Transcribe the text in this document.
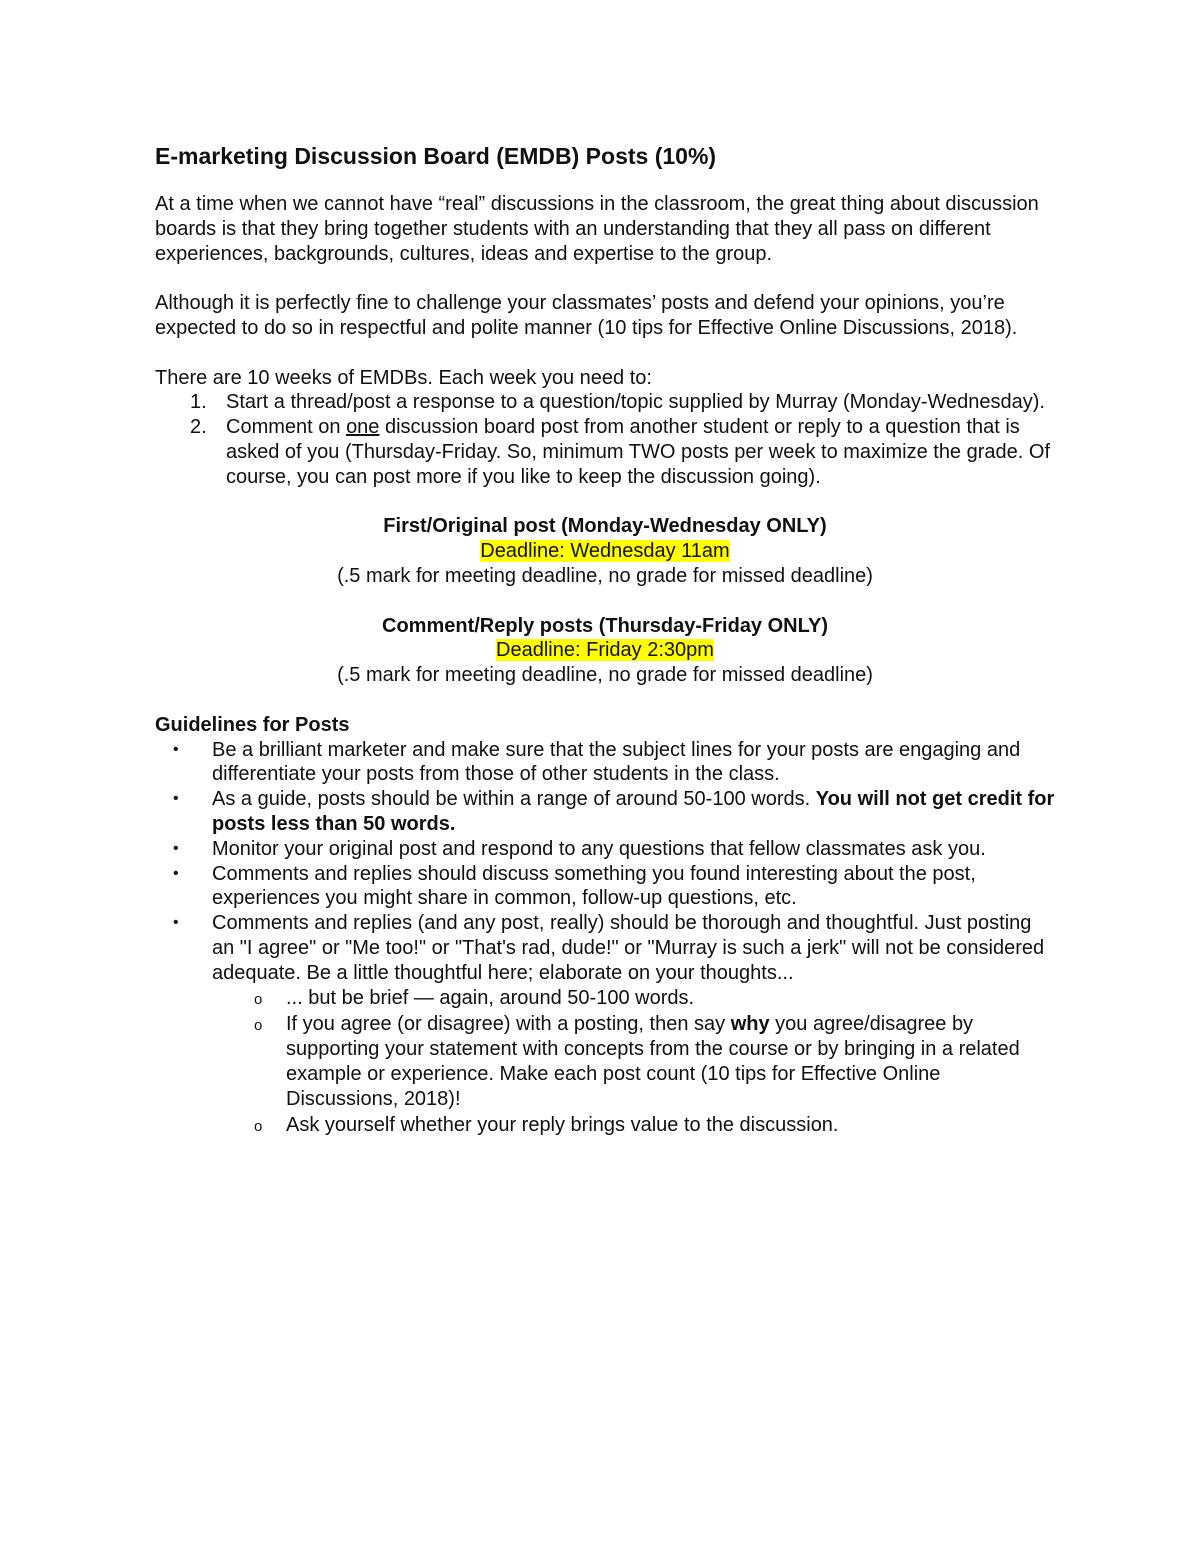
E-marketing Discussion Board (EMDB) Posts (10%)

At a time when we cannot have “real” discussions in the classroom, the great thing about discussion boards is that they bring together students with an understanding that they all pass on different experiences, backgrounds, cultures, ideas and expertise to the group.

Although it is perfectly fine to challenge your classmates’ posts and defend your opinions, you’re expected to do so in respectful and polite manner (10 tips for Effective Online Discussions, 2018).

There are 10 weeks of EMDBs. Each week you need to:

1. Start a thread/post a response to a question/topic supplied by Murray (Monday-Wednesday).
2. Comment on one discussion board post from another student or reply to a question that is asked of you (Thursday-Friday. So, minimum TWO posts per week to maximize the grade. Of course, you can post more if you like to keep the discussion going).
First/Original post (Monday-Wednesday ONLY)
Deadline: Wednesday 11am
(.5 mark for meeting deadline, no grade for missed deadline)
Comment/Reply posts (Thursday-Friday ONLY)
Deadline: Friday 2:30pm
(.5 mark for meeting deadline, no grade for missed deadline)
Guidelines for Posts
• Be a brilliant marketer and make sure that the subject lines for your posts are engaging and differentiate your posts from those of other students in the class.
• As a guide, posts should be within a range of around 50-100 words. You will not get credit for posts less than 50 words.
• Monitor your original post and respond to any questions that fellow classmates ask you.
• Comments and replies should discuss something you found interesting about the post, experiences you might share in common, follow-up questions, etc.
• Comments and replies (and any post, really) should be thorough and thoughtful. Just posting an "I agree" or "Me too!" or "That's rad, dude!" or "Murray is such a jerk" will not be considered adequate. Be a little thoughtful here; elaborate on your thoughts...
o ... but be brief — again, around 50-100 words.
o If you agree (or disagree) with a posting, then say why you agree/disagree by supporting your statement with concepts from the course or by bringing in a related example or experience. Make each post count (10 tips for Effective Online Discussions, 2018)!
o Ask yourself whether your reply brings value to the discussion.
